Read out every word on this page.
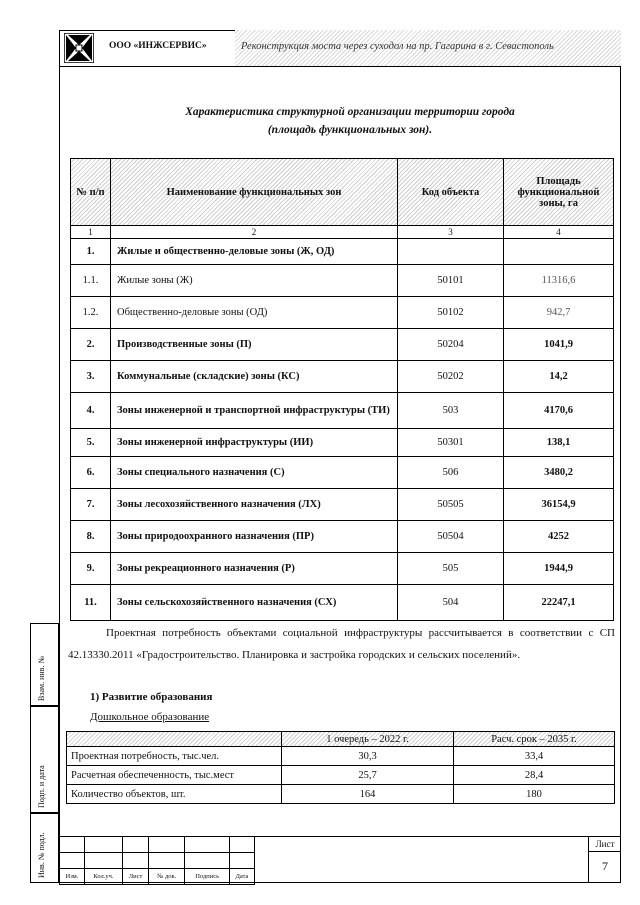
ООО «ИНЖСЕРВИС»	Реконструкция моста через суходол на пр. Гагарина в г. Севастополь
Характеристика структурной организации территории города
(площадь функциональных зон).
№ п/п	Наименование функциональных зон	Код объекта	Площадь функциональной зоны, га
1	2	3	4
1.	Жилые и общественно-деловые зоны (Ж, ОД)		
1.1.	Жилые зоны (Ж)	50101	11316,6
1.2.	Общественно-деловые зоны (ОД)	50102	942,7
2.	Производственные зоны (П)	50204	1041,9
3.	Коммунальные (складские) зоны (КС)	50202	14,2
4.	Зоны инженерной и транспортной инфраструктуры (ТИ)	503	4170,6
5.	Зоны инженерной инфраструктуры (ИИ)	50301	138,1
6.	Зоны специального назначения (С)	506	3480,2
7.	Зоны лесохозяйственного назначения (ЛХ)	50505	36154,9
8.	Зоны природоохранного назначения (ПР)	50504	4252
9.	Зоны рекреационного назначения (Р)	505	1944,9
11.	Зоны сельскохозяйственного назначения (СХ)	504	22247,1
Проектная потребность объектами социальной инфраструктуры рассчитывается в соответствии с СП 42.13330.2011 «Градостроительство. Планировка и застройка городских и сельских поселений».
1) Развитие образования
Дошкольное образование
	1 очередь – 2022 г.	Расч. срок – 2035 г.
Проектная потребность, тыс.чел.	30,3	33,4
Расчетная обеспеченность, тыс.мест	25,7	28,4
Количество объектов, шт.	164	180
Взам. инв. №
Подп. и дата
Инв. № подл.

						Изм.	Кол.уч.	Лист	№ док.	Подпись	Дата
Лист
7
